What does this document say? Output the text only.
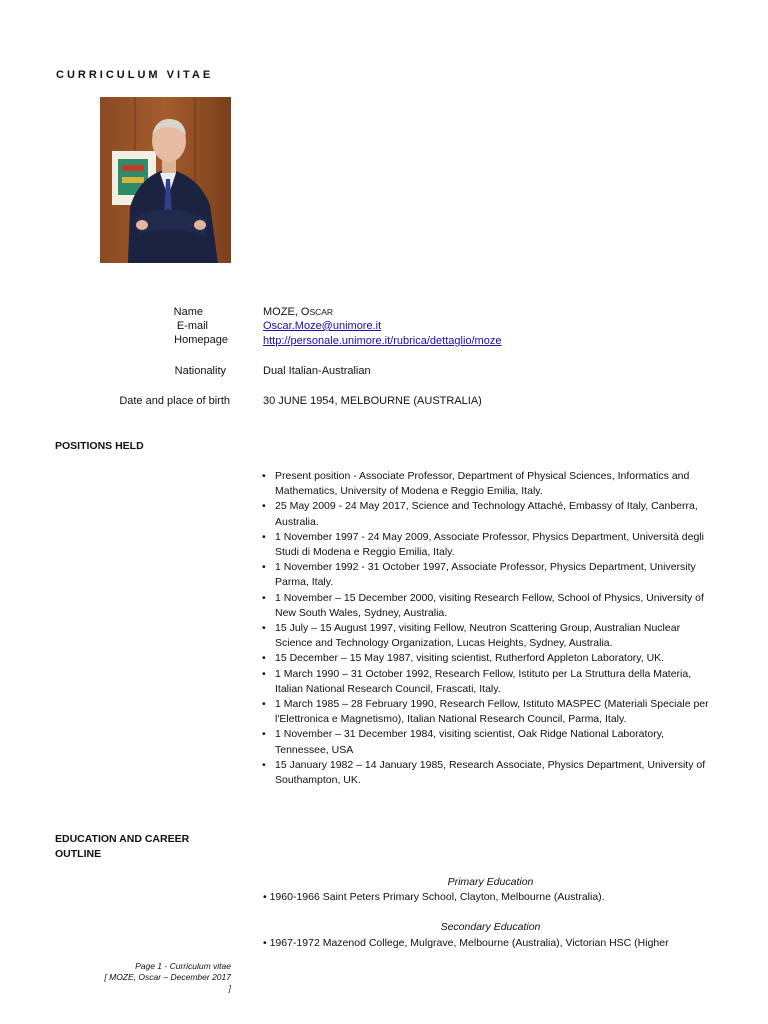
CURRICULUM VITAE
Name	MOZE, OSCAR
E-mail	Oscar.Moze@unimore.it
Homepage	http://personale.unimore.it/rubrica/dettaglio/moze
Nationality	Dual Italian-Australian
Date and place of birth	30 JUNE 1954, MELBOURNE (AUSTRALIA)
POSITIONS HELD
• Present position - Associate Professor, Department of Physical Sciences, Informatics and Mathematics, University of Modena e Reggio Emilia, Italy.
• 25 May 2009 - 24 May 2017, Science and Technology Attaché, Embassy of Italy, Canberra, Australia.
• 1 November 1997 - 24 May 2009, Associate Professor, Physics Department, Università degli Studi di Modena e Reggio Emilia, Italy.
• 1 November 1992 - 31 October 1997, Associate Professor, Physics Department, University Parma, Italy.
• 1 November – 15 December 2000, visiting Research Fellow, School of Physics, University of New South Wales, Sydney, Australia.
• 15 July – 15 August 1997, visiting Fellow, Neutron Scattering Group, Australian Nuclear Science and Technology Organization, Lucas Heights, Sydney, Australia.
• 15 December – 15 May 1987, visiting scientist, Rutherford Appleton Laboratory, UK.
• 1 March 1990 – 31 October 1992, Research Fellow, Istituto per La Struttura della Materia, Italian National Research Council, Frascati, Italy.
• 1 March 1985 – 28 February 1990, Research Fellow, Istituto MASPEC (Materiali Speciale per l'Elettronica e Magnetismo), Italian National Research Council, Parma, Italy.
• 1 November – 31 December 1984, visiting scientist, Oak Ridge National Laboratory, Tennessee, USA
• 15 January 1982 – 14 January 1985, Research Associate, Physics Department, University of Southampton, UK.
EDUCATION AND CAREER
OUTLINE
Primary Education
• 1960-1966 Saint Peters Primary School, Clayton, Melbourne (Australia).
Secondary Education
• 1967-1972 Mazenod College, Mulgrave, Melbourne (Australia), Victorian HSC (Higher
Page 1 - Curriculum vitae
[ MOZE, Oscar – December 2017 ]
